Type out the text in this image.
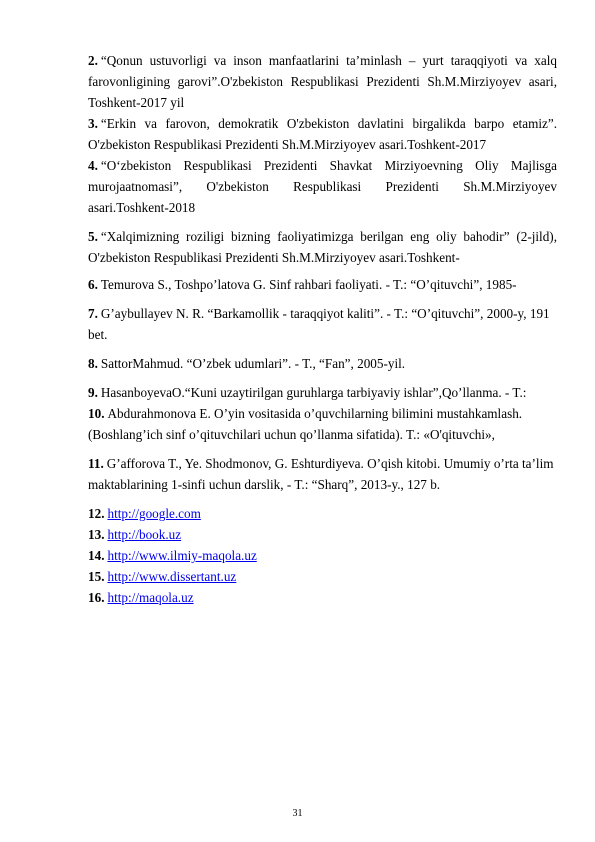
2. “Qonun ustuvorligi va inson manfaatlarini ta’minlash – yurt taraqqiyoti va xalq farovonligining garovi”.O'zbekiston Respublikasi Prezidenti Sh.M.Mirziyoyev asari, Toshkent-2017 yil
3. “Erkin va farovon, demokratik O'zbekiston davlatini birgalikda barpo etamiz”. O'zbekiston Respublikasi Prezidenti Sh.M.Mirziyoyev asari.Toshkent-2017
4. “O‘zbekiston Respublikasi Prezidenti Shavkat Mirziyoevning Oliy Majlisga murojaatnomasi”, O'zbekiston Respublikasi Prezidenti Sh.M.Mirziyoyev asari.Toshkent-2018
5. “Xalqimizning roziligi bizning faoliyatimizga berilgan eng oliy bahodir” (2-jild), O'zbekiston Respublikasi Prezidenti Sh.M.Mirziyoyev asari.Toshkent-
6. Temurova S., Toshpo’latova G. Sinf rahbari faoliyati. - T.: “O’qituvchi”, 1985-
7. G’aybullayev N. R. “Barkamollik - taraqqiyot kaliti”. - T.: “O’qituvchi”, 2000-y, 191 bet.
8. SattorMahmud. “O’zbek udumlari”. - T., “Fan”, 2005-yil.
9. HasanboyevaO.“Kuni uzaytirilgan guruhlarga tarbiyaviy ishlar”,Qo’llanma. - T.:
10. Abdurahmonova E. O’yin vositasida o’quvchilarning bilimini mustahkamlash. (Boshlang’ich sinf o’qituvchilari uchun qo’llanma sifatida). T.: «O'qituvchi»,
11. G’afforova T., Ye. Shodmonov, G. Eshturdiyeva. O’qish kitobi. Umumiy o’rta ta’lim maktablarining 1-sinfi uchun darslik, - T.: “Sharq”, 2013-y., 127 b.
12. http://google.com
13. http://book.uz
14. http://www.ilmiy-maqola.uz
15. http://www.dissertant.uz
16. http://maqola.uz
31
